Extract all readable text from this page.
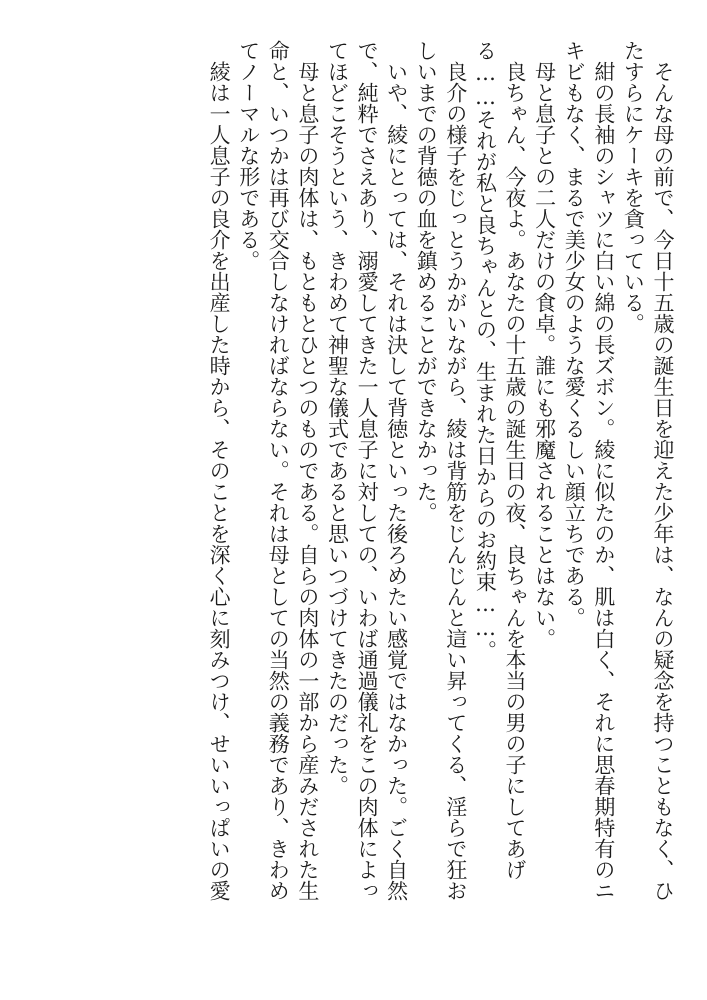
そんな母の前で、今日十五歳の誕生日を迎えた少年は、なんの疑念を持つこともなく、ひ
たすらにケーキを貪っている。
紺の長袖のシャツに白い綿の長ズボン。綾に似たのか、肌は白く、それに思春期特有のニ
キビもなく、まるで美少女のような愛くるしい顔立ちである。
母と息子との二人だけの食卓。誰にも邪魔されることはない。
良ちゃん、今夜よ。あなたの十五歳の誕生日の夜、良ちゃんを本当の男の子にしてあげ
る……それが私と良ちゃんとの、生まれた日からのお約束……。
良介の様子をじっとうかがいながら、綾は背筋をじんじんと這い昇ってくる、淫らで狂お
しいまでの背徳の血を鎮めることができなかった。
いや、綾にとっては、それは決して背徳といった後ろめたい感覚ではなかった。ごく自然
で、純粋でさえあり、溺愛してきた一人息子に対しての、いわば通過儀礼をこの肉体によっ
てほどこそうという、きわめて神聖な儀式であると思いつづけてきたのだった。
母と息子の肉体は、もともとひとつのものである。自らの肉体の一部から産みだされた生
命と、いつかは再び交合しなければならない。それは母としての当然の義務であり、きわめ
てノーマルな形である。
綾は一人息子の良介を出産した時から、そのことを深く心に刻みつけ、せいいっぱいの愛
